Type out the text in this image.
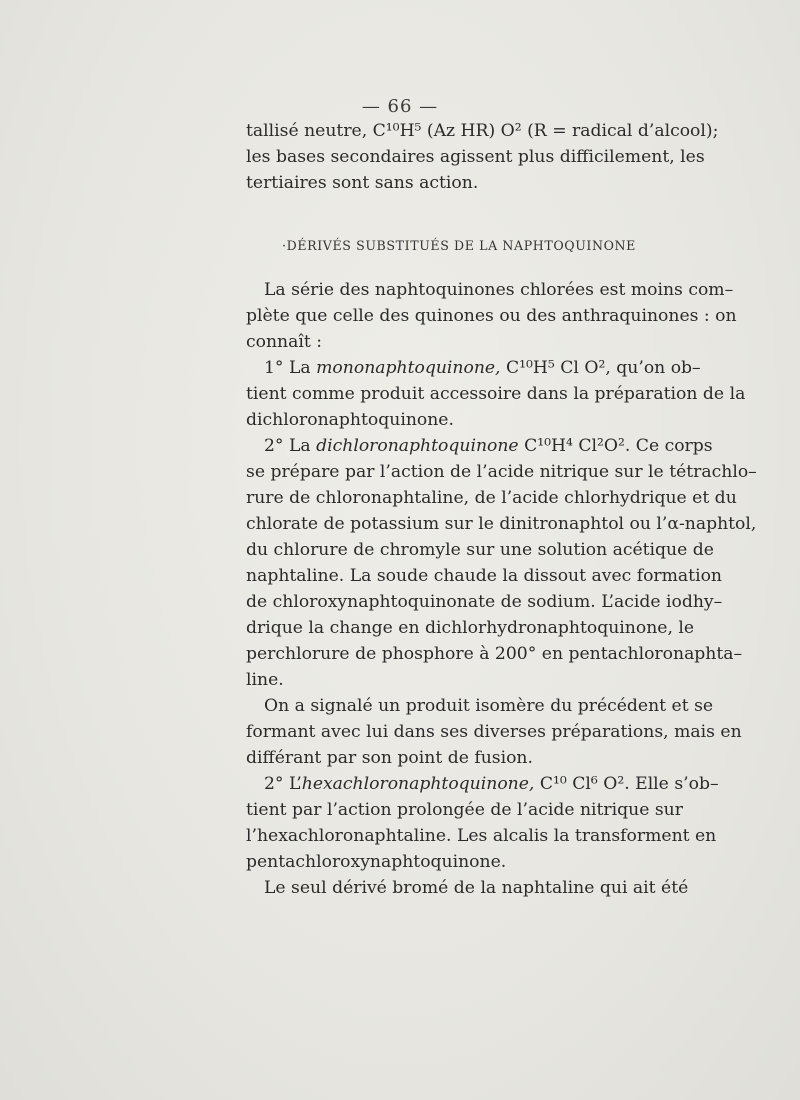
— 66 —
tallisé neutre, C¹⁰H⁵ (Az HR) O² (R = radical d’alcool);
les bases secondaires agissent plus difficilement, les
tertiaires sont sans action.
·DÉRIVÉS SUBSTITUÉS DE LA NAPHTOQUINONE
La série des naphtoquinones chlorées est moins com–
plète que celle des quinones ou des anthraquinones : on
connaît :
1° La mononaphtoquinone, C¹⁰H⁵ Cl O², qu’on ob–
tient comme produit accessoire dans la préparation de la
dichloronaphtoquinone.
2° La dichloronaphtoquinone C¹⁰H⁴ Cl²O². Ce corps
se prépare par l’action de l’acide nitrique sur le tétrachlo–
rure de chloronaphtaline, de l’acide chlorhydrique et du
chlorate de potassium sur le dinitronaphtol ou l’α-naphtol,
du chlorure de chromyle sur une solution acétique de
naphtaline. La soude chaude la dissout avec formation
de chloroxynaphtoquinonate de sodium. L’acide iodhy–
drique la change en dichlorhydronaphtoquinone, le
perchlorure de phosphore à 200° en pentachloronaphta–
line.
On a signalé un produit isomère du précédent et se
formant avec lui dans ses diverses préparations, mais en
différant par son point de fusion.
2° L’hexachloronaphtoquinone, C¹⁰ Cl⁶ O². Elle s’ob–
tient par l’action prolongée de l’acide nitrique sur
l’hexachloronaphtaline. Les alcalis la transforment en
pentachloroxynaphtoquinone.
Le seul dérivé bromé de la naphtaline qui ait été
